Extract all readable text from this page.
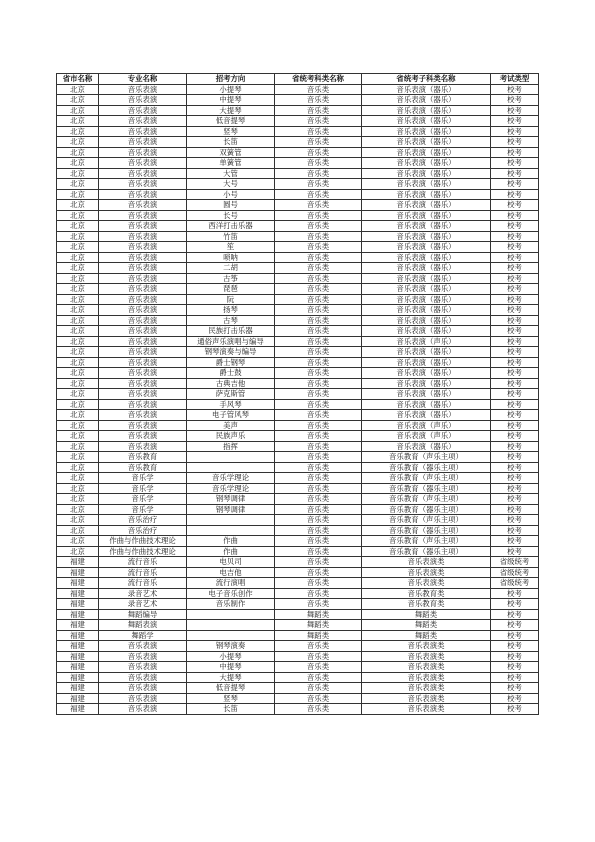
省市名称	专业名称	招考方向	省统考科类名称	省统考子科类名称	考试类型
北京	音乐表演	小提琴	音乐类	音乐表演（器乐）	校考
北京	音乐表演	中提琴	音乐类	音乐表演（器乐）	校考
北京	音乐表演	大提琴	音乐类	音乐表演（器乐）	校考
北京	音乐表演	低音提琴	音乐类	音乐表演（器乐）	校考
北京	音乐表演	竖琴	音乐类	音乐表演（器乐）	校考
北京	音乐表演	长笛	音乐类	音乐表演（器乐）	校考
北京	音乐表演	双簧管	音乐类	音乐表演（器乐）	校考
北京	音乐表演	单簧管	音乐类	音乐表演（器乐）	校考
北京	音乐表演	大管	音乐类	音乐表演（器乐）	校考
北京	音乐表演	大号	音乐类	音乐表演（器乐）	校考
北京	音乐表演	小号	音乐类	音乐表演（器乐）	校考
北京	音乐表演	圆号	音乐类	音乐表演（器乐）	校考
北京	音乐表演	长号	音乐类	音乐表演（器乐）	校考
北京	音乐表演	西洋打击乐器	音乐类	音乐表演（器乐）	校考
北京	音乐表演	竹笛	音乐类	音乐表演（器乐）	校考
北京	音乐表演	笙	音乐类	音乐表演（器乐）	校考
北京	音乐表演	唢呐	音乐类	音乐表演（器乐）	校考
北京	音乐表演	二胡	音乐类	音乐表演（器乐）	校考
北京	音乐表演	古筝	音乐类	音乐表演（器乐）	校考
北京	音乐表演	琵琶	音乐类	音乐表演（器乐）	校考
北京	音乐表演	阮	音乐类	音乐表演（器乐）	校考
北京	音乐表演	扬琴	音乐类	音乐表演（器乐）	校考
北京	音乐表演	古琴	音乐类	音乐表演（器乐）	校考
北京	音乐表演	民族打击乐器	音乐类	音乐表演（器乐）	校考
北京	音乐表演	通俗声乐演唱与编导	音乐类	音乐表演（声乐）	校考
北京	音乐表演	钢琴演奏与编导	音乐类	音乐表演（器乐）	校考
北京	音乐表演	爵士钢琴	音乐类	音乐表演（器乐）	校考
北京	音乐表演	爵士鼓	音乐类	音乐表演（器乐）	校考
北京	音乐表演	古典吉他	音乐类	音乐表演（器乐）	校考
北京	音乐表演	萨克斯管	音乐类	音乐表演（器乐）	校考
北京	音乐表演	手风琴	音乐类	音乐表演（器乐）	校考
北京	音乐表演	电子管风琴	音乐类	音乐表演（器乐）	校考
北京	音乐表演	美声	音乐类	音乐表演（声乐）	校考
北京	音乐表演	民族声乐	音乐类	音乐表演（声乐）	校考
北京	音乐表演	指挥	音乐类	音乐表演（器乐）	校考
北京	音乐教育		音乐类	音乐教育（声乐主项）	校考
北京	音乐教育		音乐类	音乐教育（器乐主项）	校考
北京	音乐学	音乐学理论	音乐类	音乐教育（声乐主项）	校考
北京	音乐学	音乐学理论	音乐类	音乐教育（器乐主项）	校考
北京	音乐学	钢琴调律	音乐类	音乐教育（声乐主项）	校考
北京	音乐学	钢琴调律	音乐类	音乐教育（器乐主项）	校考
北京	音乐治疗		音乐类	音乐教育（声乐主项）	校考
北京	音乐治疗		音乐类	音乐教育（器乐主项）	校考
北京	作曲与作曲技术理论	作曲	音乐类	音乐教育（声乐主项）	校考
北京	作曲与作曲技术理论	作曲	音乐类	音乐教育（器乐主项）	校考
福建	流行音乐	电贝司	音乐类	音乐表演类	省级统考
福建	流行音乐	电吉他	音乐类	音乐表演类	省级统考
福建	流行音乐	流行演唱	音乐类	音乐表演类	省级统考
福建	录音艺术	电子音乐创作	音乐类	音乐教育类	校考
福建	录音艺术	音乐制作	音乐类	音乐教育类	校考
福建	舞蹈编导		舞蹈类	舞蹈类	校考
福建	舞蹈表演		舞蹈类	舞蹈类	校考
福建	舞蹈学		舞蹈类	舞蹈类	校考
福建	音乐表演	钢琴演奏	音乐类	音乐表演类	校考
福建	音乐表演	小提琴	音乐类	音乐表演类	校考
福建	音乐表演	中提琴	音乐类	音乐表演类	校考
福建	音乐表演	大提琴	音乐类	音乐表演类	校考
福建	音乐表演	低音提琴	音乐类	音乐表演类	校考
福建	音乐表演	竖琴	音乐类	音乐表演类	校考
福建	音乐表演	长笛	音乐类	音乐表演类	校考
